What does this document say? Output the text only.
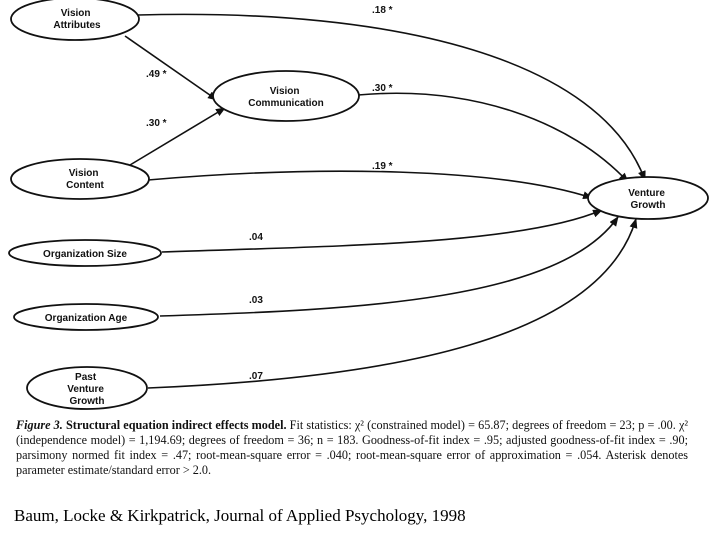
Vision Attributes
Vision Communication
Vision Content
Organization Size
Organization Age
Past Venture Growth
Venture Growth
.18 *
.49 *
.30 *
.30 *
.19 *
.04
.03
.07
Figure 3. Structural equation indirect effects model. Fit statistics: χ² (constrained model) = 65.87; degrees of freedom = 23; p = .00. χ² (independence model) = 1,194.69; degrees of freedom = 36; n = 183. Goodness-of-fit index = .95; adjusted goodness-of-fit index = .90; parsimony normed fit index = .47; root-mean-square error = .040; root-mean-square error of approximation = .054. Asterisk denotes parameter estimate/standard error > 2.0.
Baum, Locke & Kirkpatrick, Journal of Applied Psychology, 1998
